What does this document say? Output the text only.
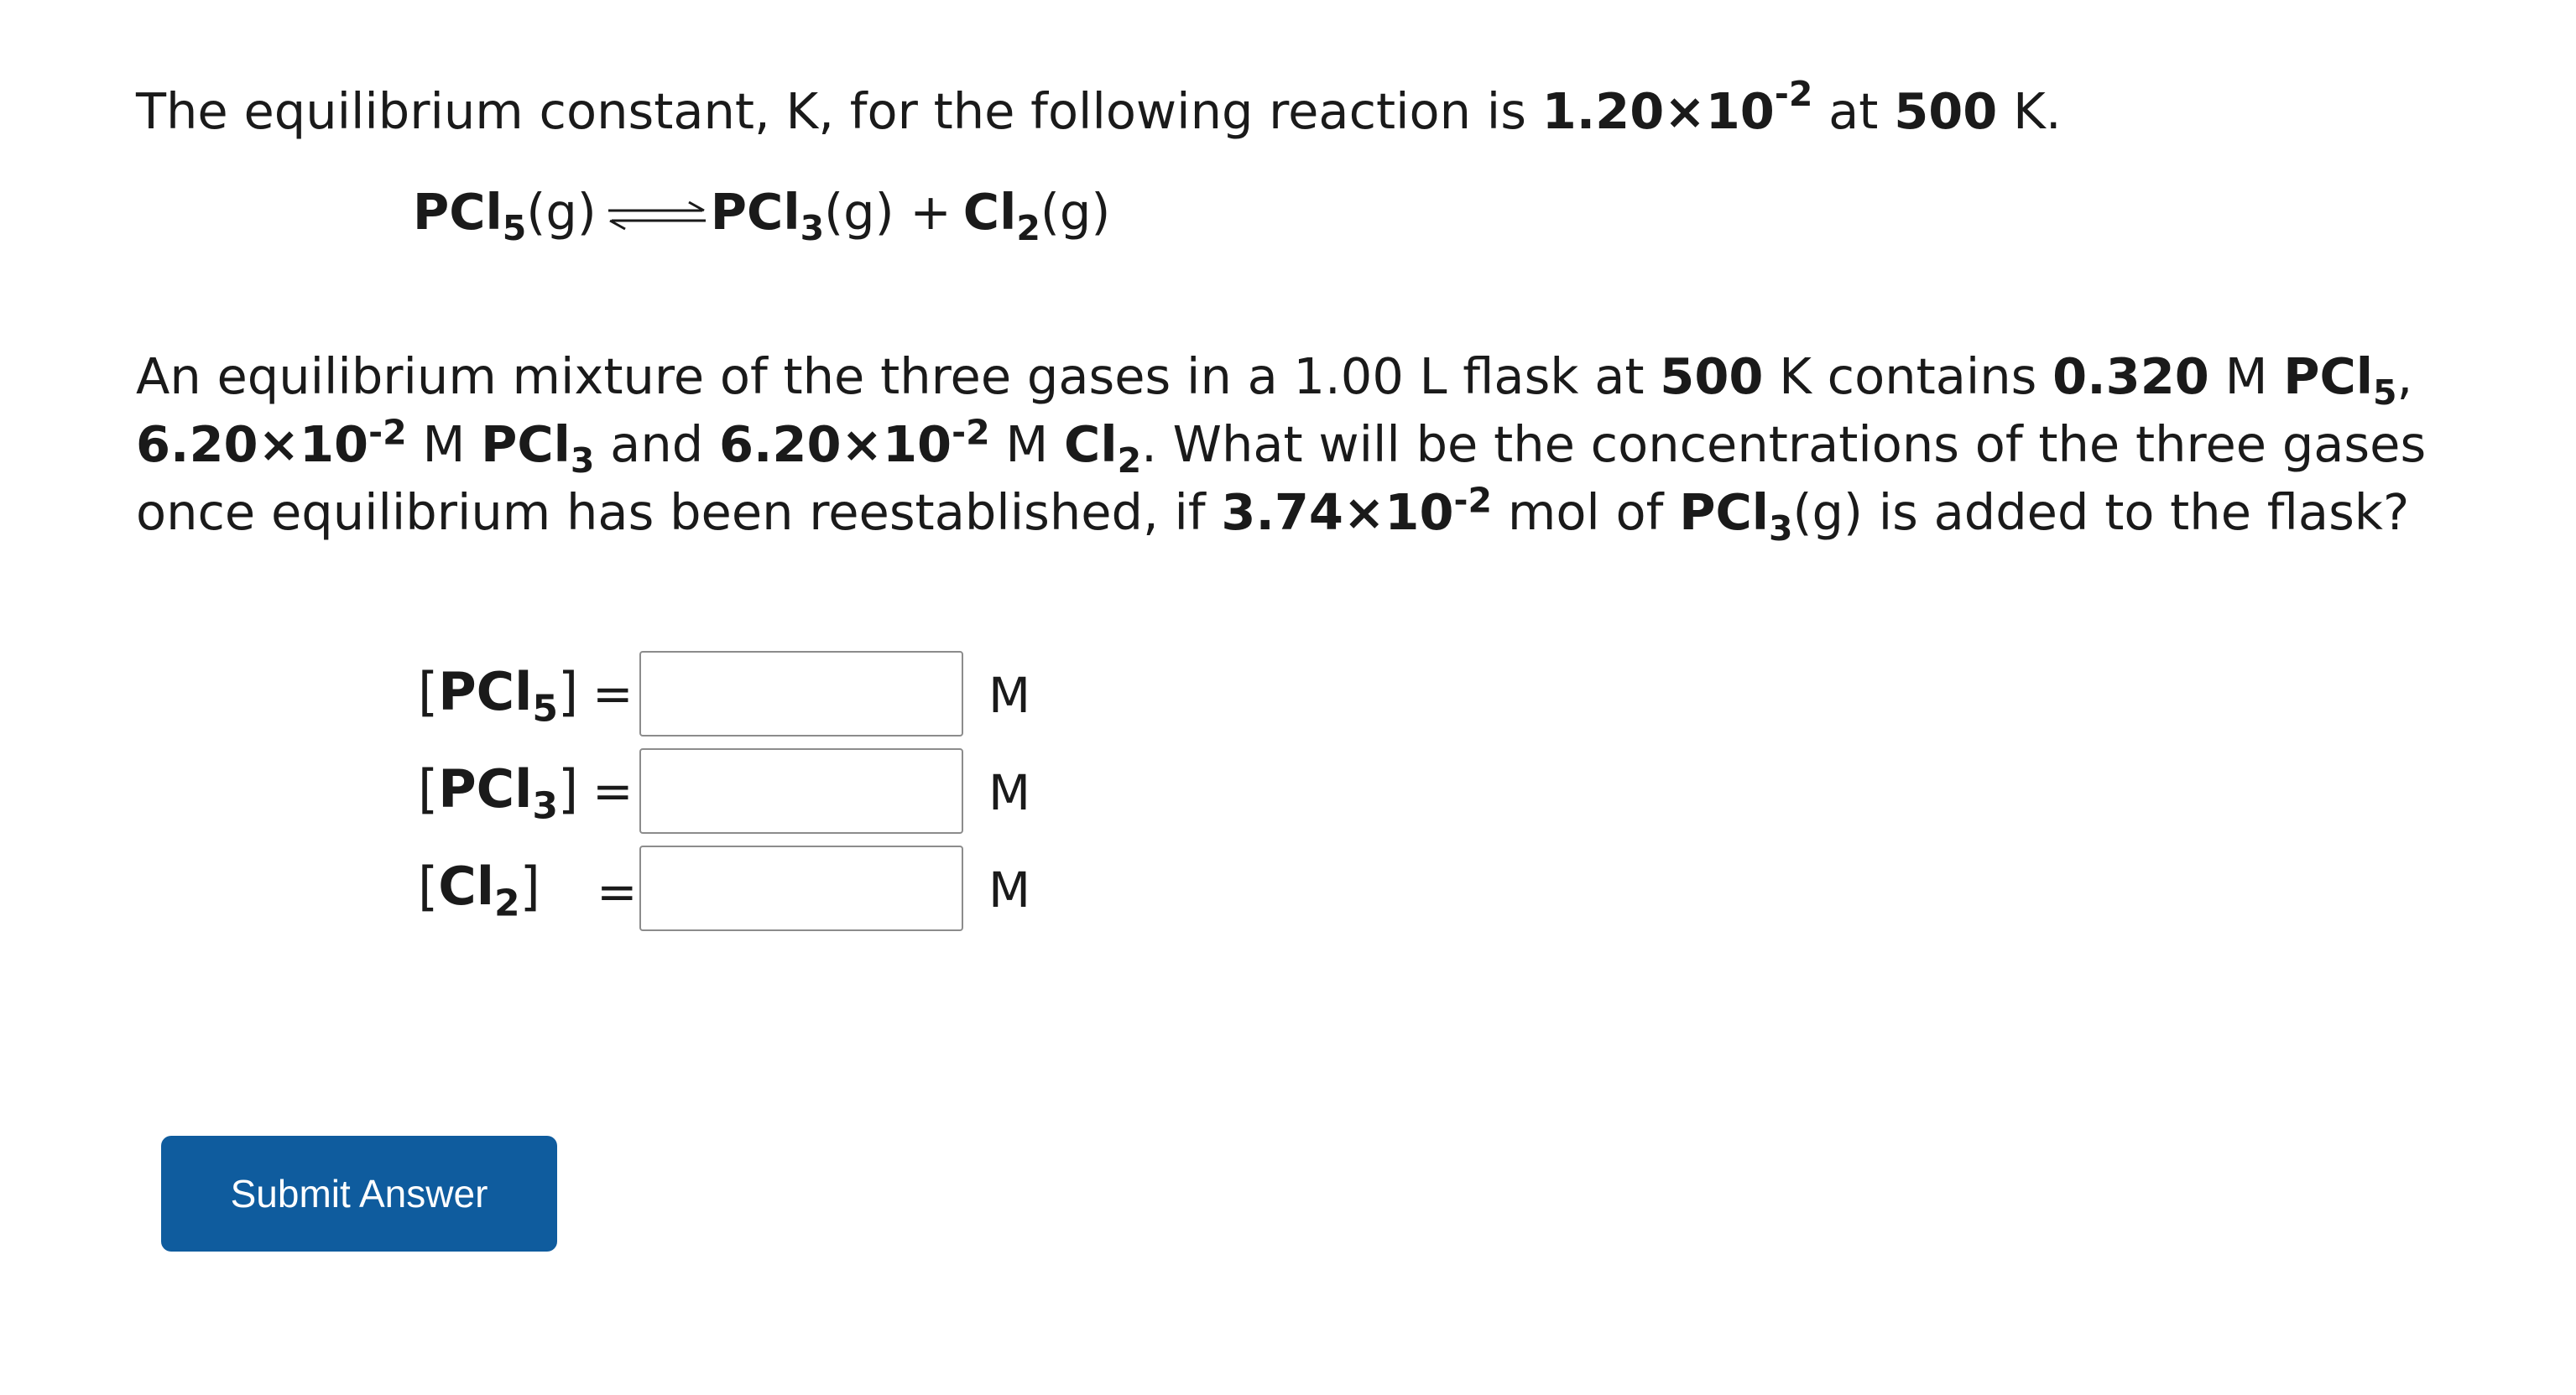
The equilibrium constant, K, for the following reaction is $1.20\times 10^{-2}$ at 500 K.
PCl$_5$ (g) ⇌ PCl$_3$ $(g) + Cl_2$ (g)
An equilibrium mixture of the three gases in a 1.00 L flask at 500 K contains 0.320 M PCl$_5$,
$6.20\times 10^{-2}$ M PCl$_3$ and $6.20\times 10^{-2}$ M $Cl_2$. What will be the concentrations of the three gases once equilibrium has been reestablished, if $3.74\times 10^{-2}$ mol of PCl$_3$(g) is added to the flask?
[PCl$_5$] =	M
[PCl$_3$] =	M
$[Cl_2]$ =	M
Submit Answer
